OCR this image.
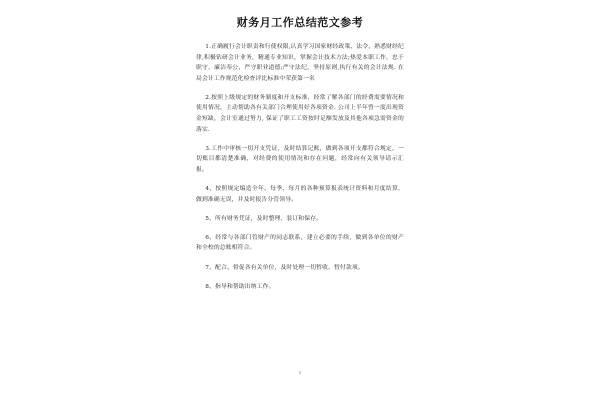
财务月工作总结范文参考

1.正确履行会计职责和行使权限,认真学习国家财经政策、法令，熟悉财经纪律,积极钻研会计业务，精通专业知识，掌握会计技术方法;热爱本职工作，忠于职守，廉洁奉公，严守职业道德;严守法纪，坚持原则,执行有关的会计法规. 在局会计工作规范化检查评比标准中荣获第一名

2.按照上级规定的财务制度和开支标准，经常了解各部门的经费需要情况和使用情况，主动帮助各有关部门合理使用好各项资金. 公司上半年曾一度出现资金短缺，会计室通过努力, 保证了职工工资按时足额发放及其他各项急需资金的落实.

3.工作中审核一切开支凭证，及时结算记账，做到各项开支都符合规定，一切账目都清楚准确，对经费的使用情况和存在问题，经常向有关领导请示汇报。

4、按照规定编造全年、每季、每月的各种预算报表统计资料和月度结算，做到准确无误，并及时报告分管领导。

5、所有财务凭证，及时整理、装订和保存。

6、经常与各部门管财产的同志联系，建立必要的手续，做到各单位的财产和全校的总账相符合。

7、配合、督促各有关单位，及时处理一切暂收、暂付款项。

8、指导和帮助出纳工作。

1
